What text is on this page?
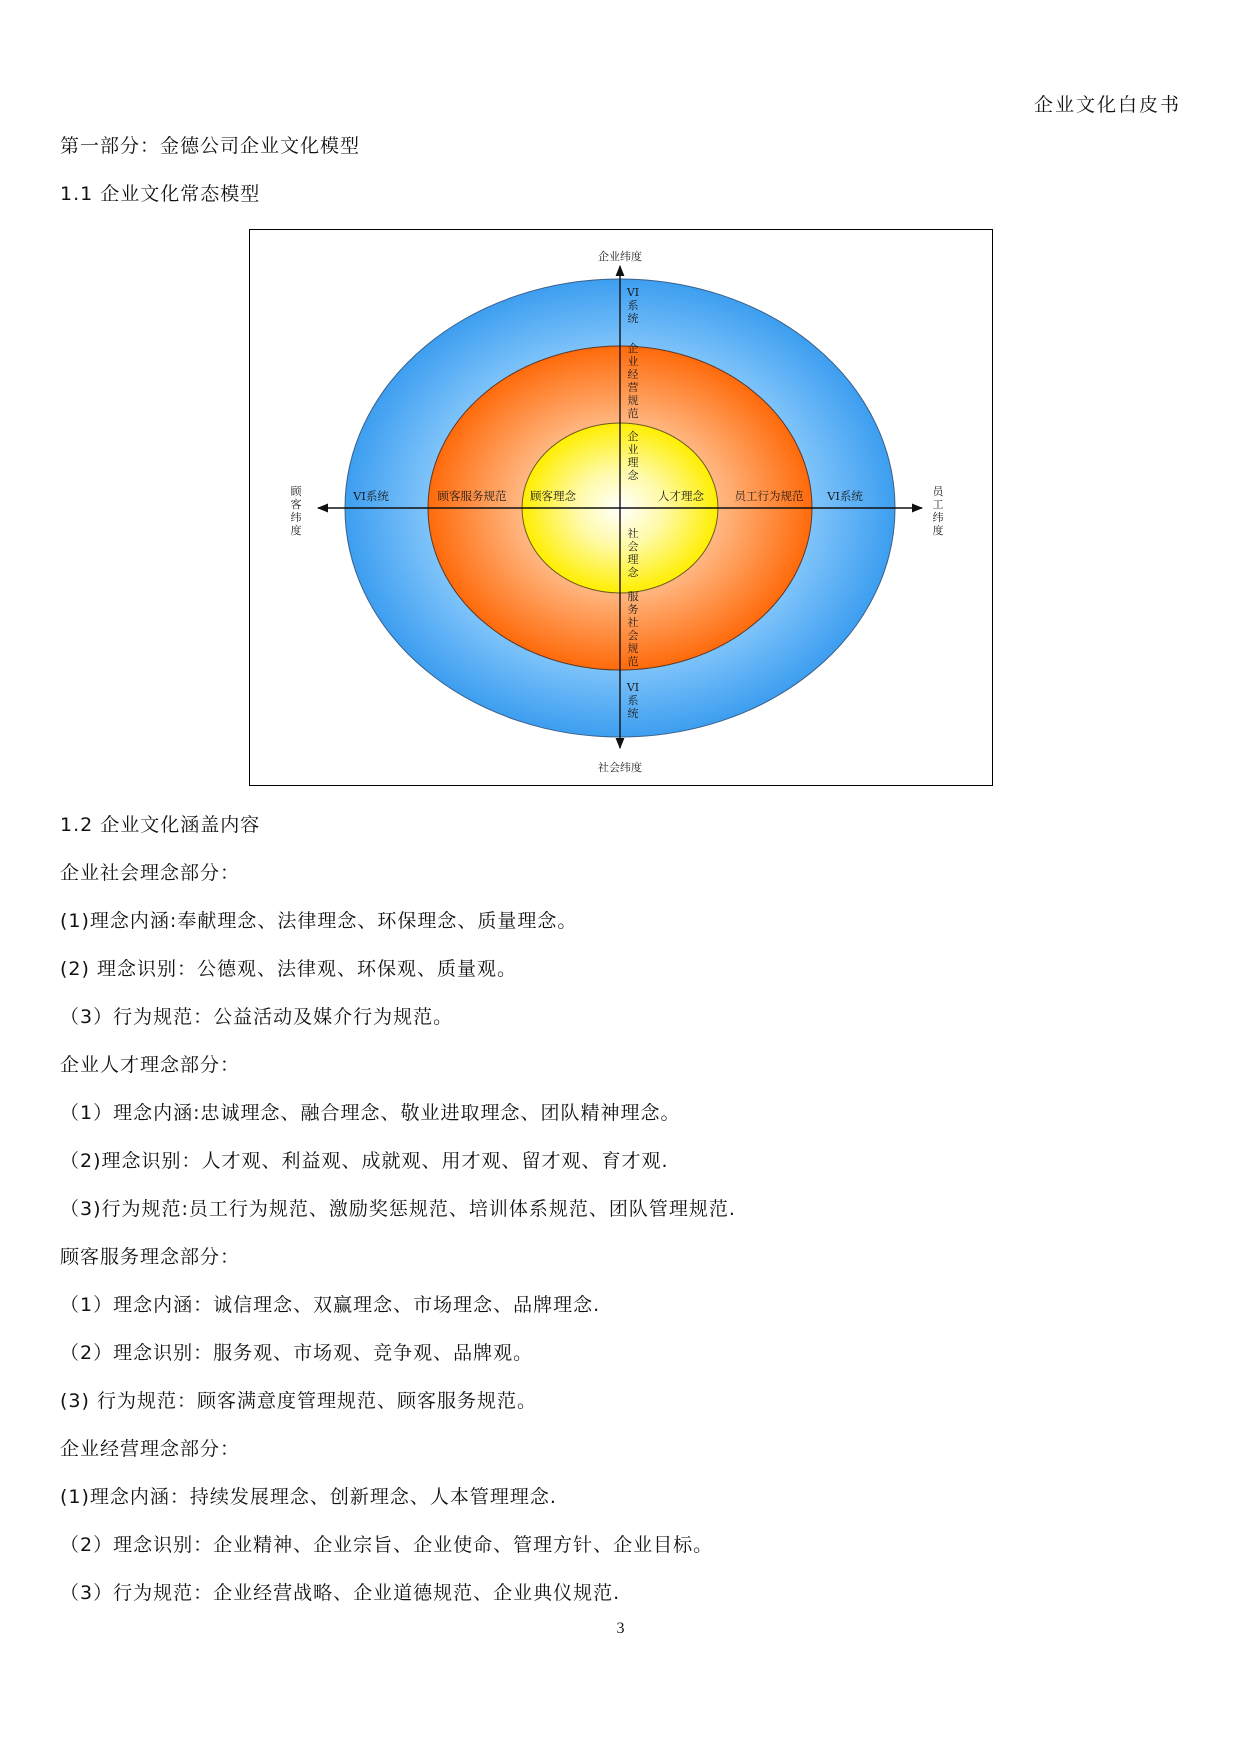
企业文化白皮书
第一部分：金德公司企业文化模型
1.1 企业文化常态模型
企业纬度
社会纬度
顾
客
纬
度
员
工
纬
度
VI系统	顾客服务规范 顾客理念	人才理念	员工行为规范 VI系统
VI
系
统
企
业
经
营
规
范
企
业
理
念
社
会
理
念
服
务
社
会
规
范
VI
系
统
1.2 企业文化涵盖内容
企业社会理念部分：
(1)理念内涵:奉献理念、法律理念、环保理念、质量理念。
(2) 理念识别：公德观、法律观、环保观、质量观。
（3）行为规范：公益活动及媒介行为规范。
企业人才理念部分：
（1）理念内涵:忠诚理念、融合理念、敬业进取理念、团队精神理念。
（2)理念识别：人才观、利益观、成就观、用才观、留才观、育才观.
（3)行为规范:员工行为规范、激励奖惩规范、培训体系规范、团队管理规范.
顾客服务理念部分：
（1）理念内涵：诚信理念、双赢理念、市场理念、品牌理念.
（2）理念识别：服务观、市场观、竞争观、品牌观。
(3) 行为规范：顾客满意度管理规范、顾客服务规范。
企业经营理念部分：
(1)理念内涵：持续发展理念、创新理念、人本管理理念.
（2）理念识别：企业精神、企业宗旨、企业使命、管理方针、企业目标。
（3）行为规范：企业经营战略、企业道德规范、企业典仪规范.
3
